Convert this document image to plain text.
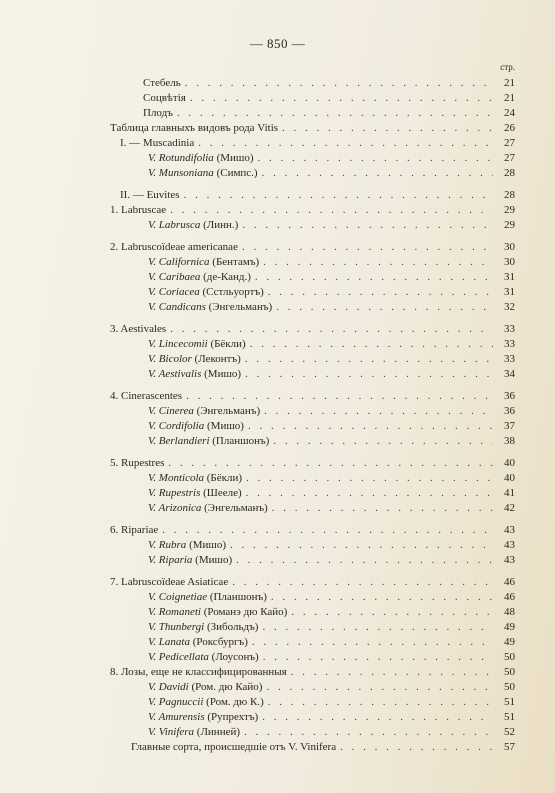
— 850 —
стр.
Стебель . . .	21
Соцвѣтія . . .	21
Плодъ . . .	24
Таблица главныхъ видовъ рода Vitis . . .	26
I. — Muscadinia . . .	27
V. Rotundifolia (Мишо) . . .	27
V. Munsoniana (Симпс.) . . .	28
II. — Euvites . . .	28
1. Labruscae . . .	29
V. Labrusca (Линн.) . . .	29
2. Labruscoïdeae americanae . . .	30
V. Californica (Бентамъ) . . .	30
V. Caribaea (де-Канд.) . . .	31
V. Coriacea (Сстльуортъ) . . .	31
V. Candicans (Энгельманъ) . . .	32
3. Aestivales . . .	33
V. Lincecomii (Бёкли) . . .	33
V. Bicolor (Леконтъ) . . .	33
V. Aestivalis (Мишо) . . .	34
4. Cinerascentes . . .	36
V. Cinerea (Энгельманъ) . . .	36
V. Cordifolia (Мишо) . . .	37
V. Berlandieri (Планшонъ) . . .	38
5. Rupestres . . .	40
V. Monticola (Бёкли) . . .	40
V. Rupestris (Шееле) . . .	41
V. Arizonica (Энгельманъ) . . .	42
6. Ripariae . . .	43
V. Rubra (Мишо) . . .	43
V. Riparia (Мишо) . . .	43
7. Labruscoïdeae Asiaticae . . .	46
V. Coignetiae (Планшонъ) . . .	46
V. Romaneti (Романэ дю Кайо) . . .	48
V. Thunbergi (Зибольдъ) . . .	49
V. Lanata (Роксбургъ) . . .	49
V. Pedicellata (Лоусонъ) . . .	50
8. Лозы, еще не классифицированныя . . .	50
V. Davidi (Ром. дю Кайо) . . .	50
V. Pagnuccii (Ром. дю К.) . . .	51
V. Amurensis (Рупрехтъ) . . .	51
V. Vinifera (Линней) . . .	52
Главные сорта, происшедшіе отъ V. Vinifera . . .	57
